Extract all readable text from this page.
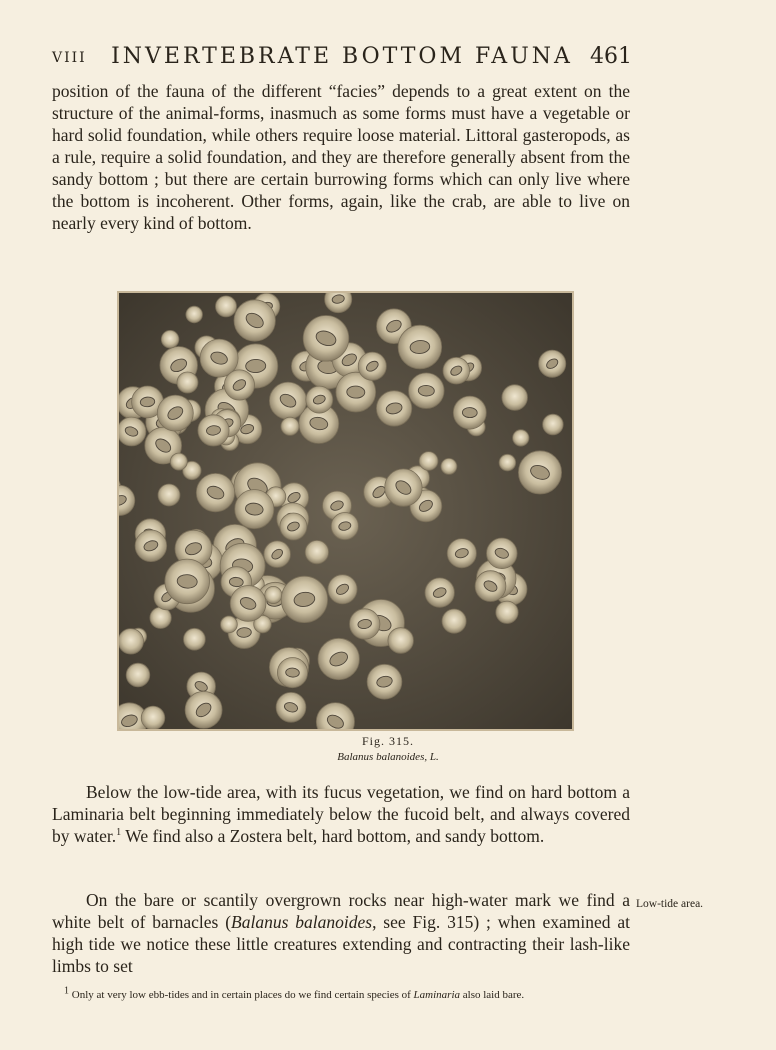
VIII	INVERTEBRATE BOTTOM FAUNA 461
position of the fauna of the different “facies” depends to a great extent on the structure of the animal-forms, inasmuch as some forms must have a vegetable or hard solid foundation, while others require loose material. Littoral gasteropods, as a rule, require a solid foundation, and they are therefore generally absent from the sandy bottom ; but there are certain burrowing forms which can only live where the bottom is incoherent. Other forms, again, like the crab, are able to live on nearly every kind of bottom.
Fig. 315.
Balanus balanoides, L.
Below the low-tide area, with its fucus vegetation, we find on hard bottom a Laminaria belt beginning immediately below the fucoid belt, and always covered by water.$^1$ We find also a Zostera belt, hard bottom, and sandy bottom.
On the bare or scantily overgrown rocks near high-water mark we find a white belt of barnacles (Balanus balanoides, see Fig. 315) ; when examined at high tide we notice these little creatures extending and contracting their lash-like limbs to set
Low-tide area.
$^1$ Only at very low ebb-tides and in certain places do we find certain species of Laminaria also laid bare.
